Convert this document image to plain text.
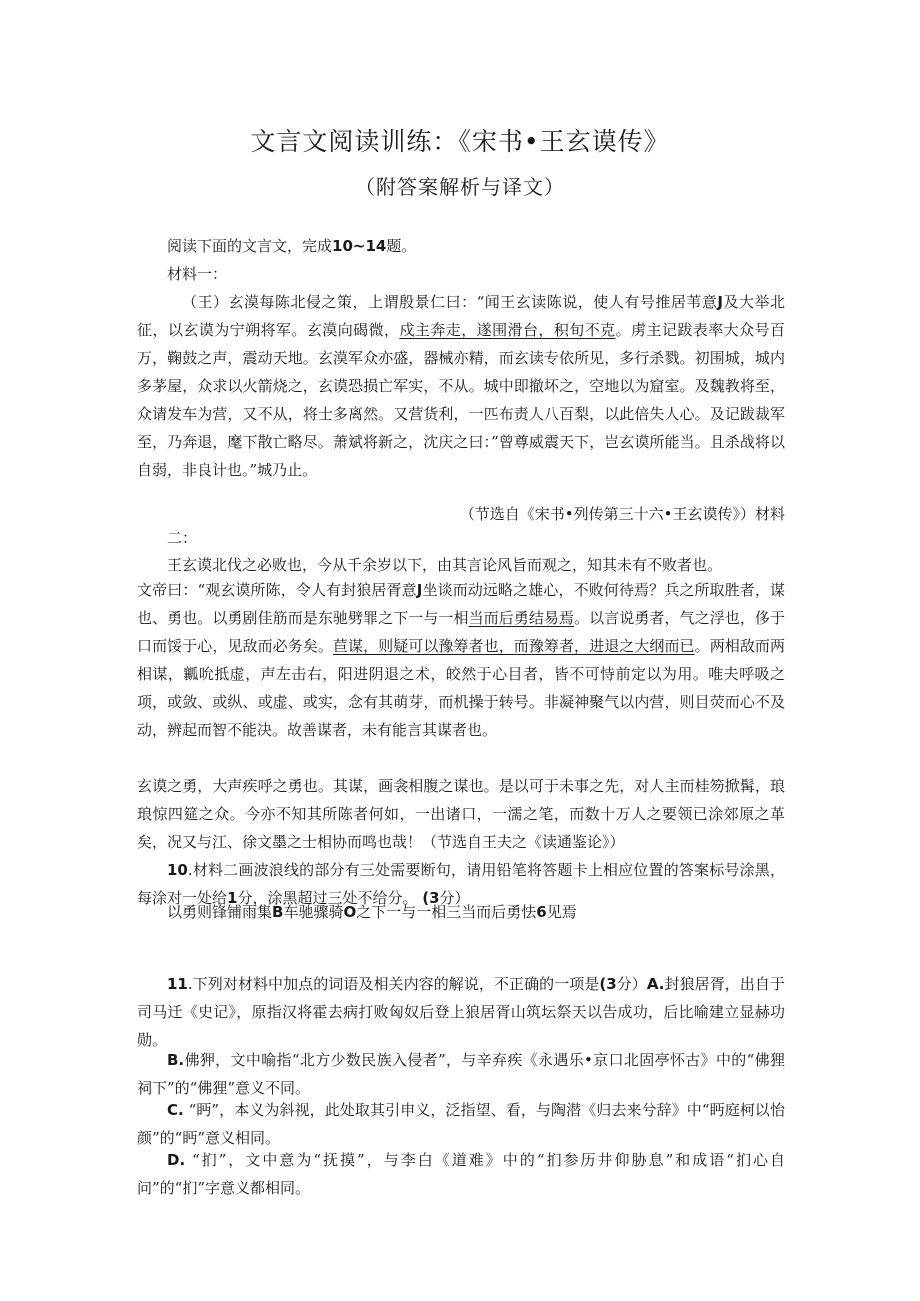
文言文阅读训练：《宋书•王玄谟传》
（附答案解析与译文）
阅读下面的文言文，完成10~14题。
材料一：
（王）玄漠每陈北侵之策，上谓殷景仁曰：“闻王玄读陈说，使人有号推居苇意J及大举北征，以玄谟为宁朔将军。玄漠向碣微，戍主奔走，遂围滑台，积旬不克。虏主记跋表率大众号百万，鞠鼓之声，震动天地。玄漠军众亦盛，器械亦精，而玄读专依所见，多行杀戮。初围城，城内多茅屋，众求以火箭烧之，玄谟恐损亡军实，不从。城中即撤坏之，空地以为窟室。及魏教将至，众请发车为营，又不从，将士多离然。又营货利，一匹布责人八百梨，以此倍失人心。及记跋裁军至，乃奔退，麾下散亡略尽。萧斌将新之，沈庆之曰：”曾尊威震天下，岂玄谟所能当。且杀战将以自弱，非良计也。”城乃止。
（节选自《宋书•列传第三十六•王玄谟传》）材料
二：
王玄谟北伐之必败也，今从千余岁以下，由其言论风旨而观之，知其未有不败者也。
文帝曰：“观玄谟所陈，令人有封狼居胥意J坐谈而动远略之雄心，不败何待焉？兵之所取胜者，谋也、勇也。以勇剧佳筋而是东驰劈罪之下一与一相当而后勇结易焉。以言说勇者，气之浮也，侈于口而馁于心，见敌而必务矣。苣谋，则疑可以豫筹者也，而豫筹者，进退之大纲而已。两相敌而两相谋，瓤吮抵虚，声左击右，阳进阴退之术，皎然于心目者，皆不可恃前定以为用。唯夫呼吸之项，或敛、或纵、或虚、或实，念有其萌芽，而机操于转号。非凝神聚气以内营，则目荧而心不及动，辨起而智不能决。故善谋者，未有能言其谋者也。
玄谟之勇，大声疾呼之勇也。其谋，画衾相腹之谋也。是以可于未事之先，对人主而桂笏掀髯，琅琅惊四筵之众。今亦不知其所陈者何如，一出诸口，一濡之笔，而数十万人之要领已涂郊原之革矣，况又与江、徐文墨之士相协而鸣也哉！（节选自王夫之《读通鉴论》）
10.材料二画波浪线的部分有三处需要断句，请用铅笔将答题卡上相应位置的答案标号涂黑，每涂对一处给1分，涂黑超过三处不给分。 (3分）
以勇则锋铺雨集B车驰骤骑O之下一与一相三当而后勇怯6见焉
11.下列对材料中加点的词语及相关内容的解说，不正确的一项是(3分）A.封狼居胥，出自于司马迁《史记》，原指汉将霍去病打败匈奴后登上狼居胥山筑坛祭天以告成功，后比喻建立显赫功勋。
B.佛狎，文中喻指“北方少数民族入侵者”，与辛弃疾《永遇乐•京口北固亭怀古》中的“佛狸祠下”的“佛狸”意义不同。
C. “眄”，本义为斜视，此处取其引申义，泛指望、看，与陶潜《归去来兮辞》中“眄庭柯以怡颜”的“眄”意义相同。
D. “扪”，文中意为“抚摸”，与李白《道难》中的“扪参历井仰胁息”和成语“扪心自问”的“扪”字意义都相同。
